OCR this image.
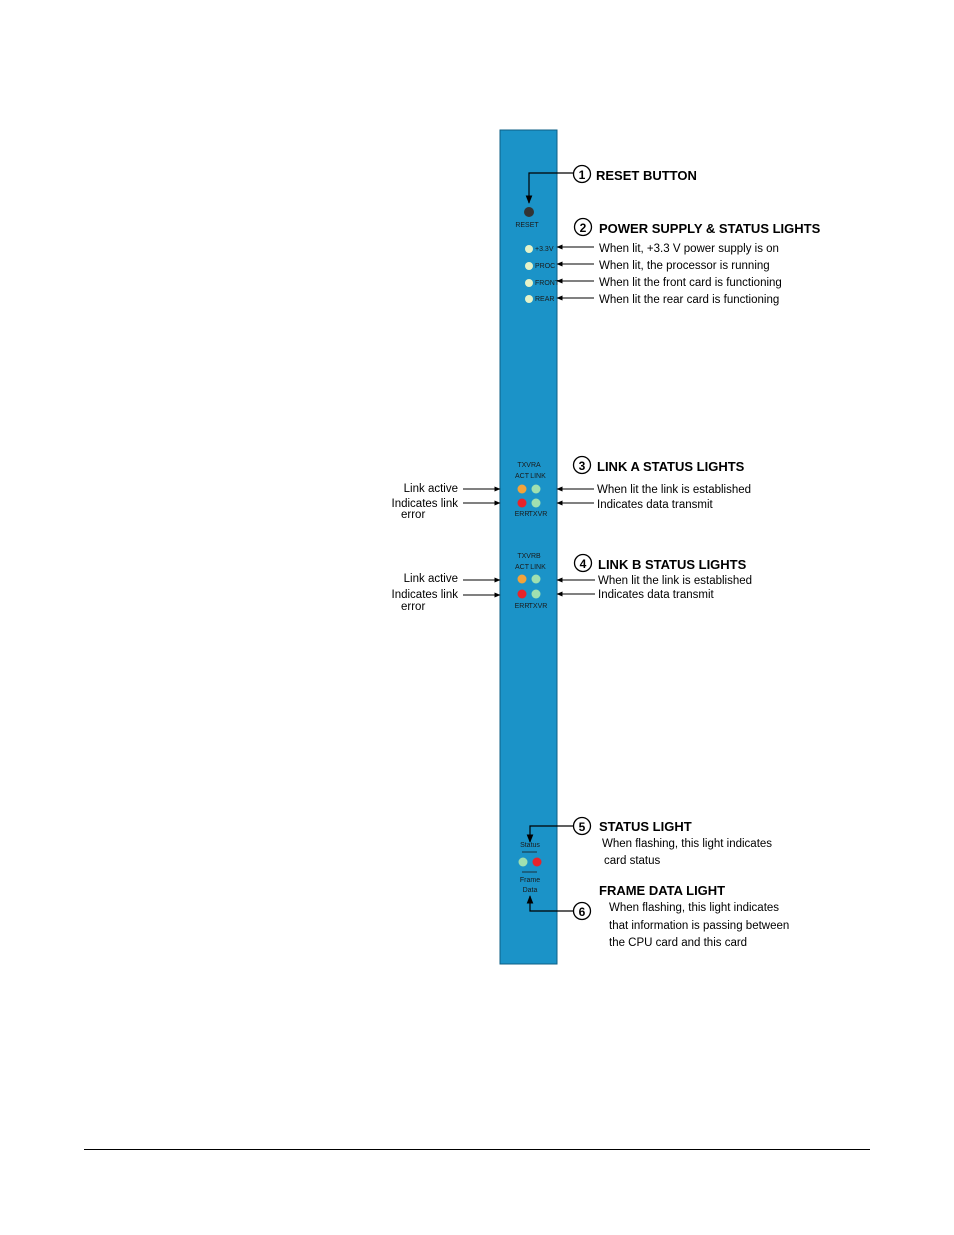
RESET
+3.3V
PROC
FRONT
REAR
TXVRA
ACT LINK
ERR TXVR
TXVRB
ACT LINK
ERR TXVR
Status
Frame
Data
1 RESET BUTTON
2 POWER SUPPLY & STATUS LIGHTS
When lit, +3.3 V power supply is on
When lit, the processor is running
When lit the front card is functioning
When lit the rear card is functioning
3 LINK A STATUS LIGHTS
When lit the link is established
Indicates data transmit
Link active
Indicates link
error
4 LINK B STATUS LIGHTS
When lit the link is established
Indicates data transmit
Link active
Indicates link
error
5 STATUS LIGHT
When flashing, this light indicates
card status
FRAME DATA LIGHT
When flashing, this light indicates
that information is passing between
the CPU card and this card
6
